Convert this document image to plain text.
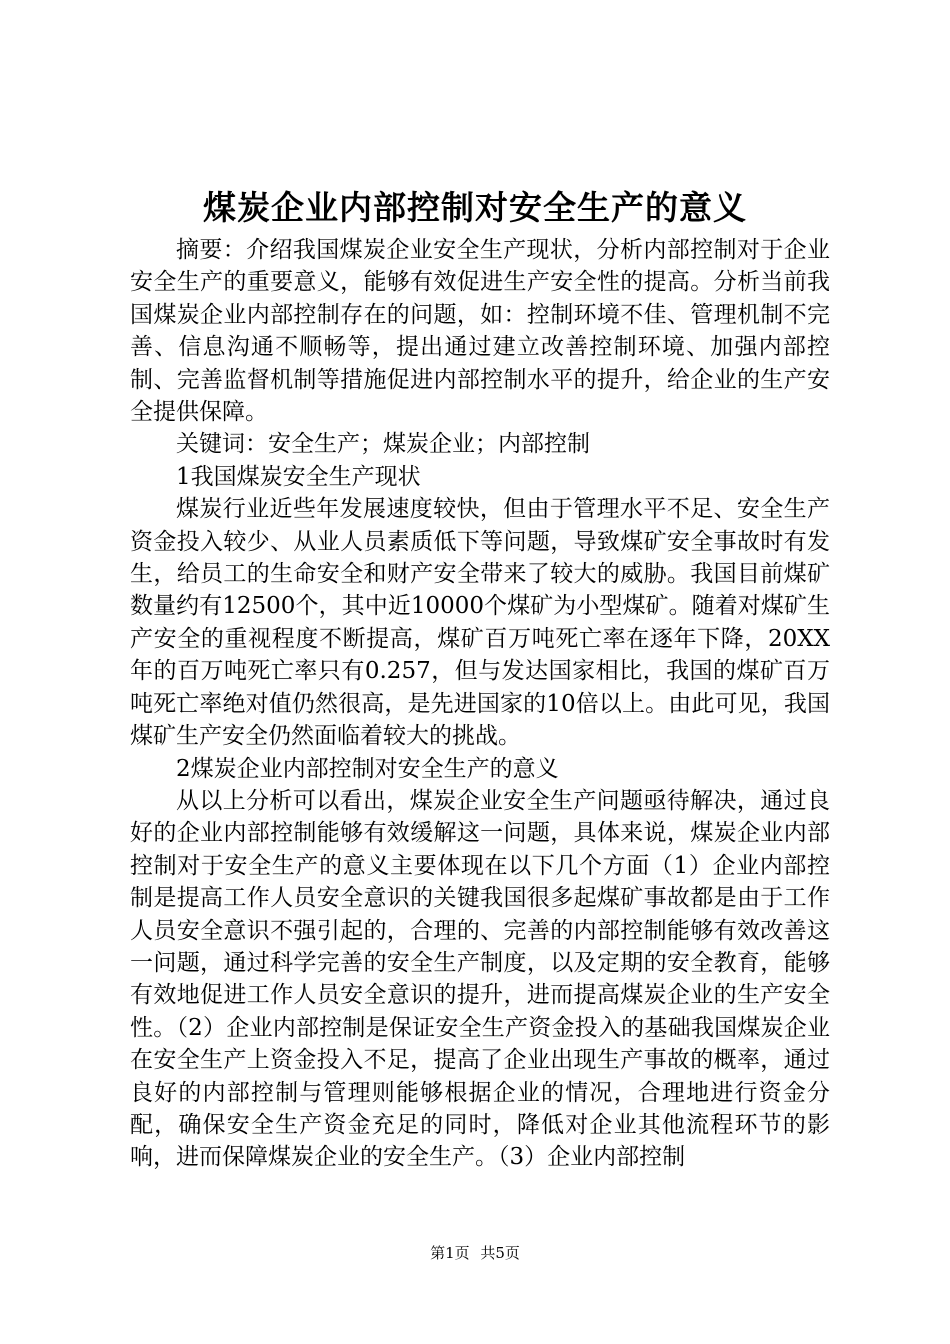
煤炭企业内部控制对安全生产的意义

摘要：介绍我国煤炭企业安全生产现状，分析内部控制对于企业安全生产的重要意义，能够有效促进生产安全性的提高。分析当前我国煤炭企业内部控制存在的问题，如：控制环境不佳、管理机制不完善、信息沟通不顺畅等，提出通过建立改善控制环境、加强内部控制、完善监督机制等措施促进内部控制水平的提升，给企业的生产安全提供保障。

关键词：安全生产；煤炭企业；内部控制

1我国煤炭安全生产现状

煤炭行业近些年发展速度较快，但由于管理水平不足、安全生产资金投入较少、从业人员素质低下等问题，导致煤矿安全事故时有发生，给员工的生命安全和财产安全带来了较大的威胁。我国目前煤矿数量约有12500个，其中近10000个煤矿为小型煤矿。随着对煤矿生产安全的重视程度不断提高，煤矿百万吨死亡率在逐年下降，20XX年的百万吨死亡率只有0.257，但与发达国家相比，我国的煤矿百万吨死亡率绝对值仍然很高，是先进国家的10倍以上。由此可见，我国煤矿生产安全仍然面临着较大的挑战。

2煤炭企业内部控制对安全生产的意义

从以上分析可以看出，煤炭企业安全生产问题亟待解决，通过良好的企业内部控制能够有效缓解这一问题，具体来说，煤炭企业内部控制对于安全生产的意义主要体现在以下几个方面（1）企业内部控制是提高工作人员安全意识的关键我国很多起煤矿事故都是由于工作人员安全意识不强引起的，合理的、完善的内部控制能够有效改善这一问题，通过科学完善的安全生产制度，以及定期的安全教育，能够有效地促进工作人员安全意识的提升，进而提高煤炭企业的生产安全性。（2）企业内部控制是保证安全生产资金投入的基础我国煤炭企业在安全生产上资金投入不足，提高了企业出现生产事故的概率，通过良好的内部控制与管理则能够根据企业的情况，合理地进行资金分配，确保安全生产资金充足的同时，降低对企业其他流程环节的影响，进而保障煤炭企业的安全生产。（3）企业内部控制

第1页 共5页
